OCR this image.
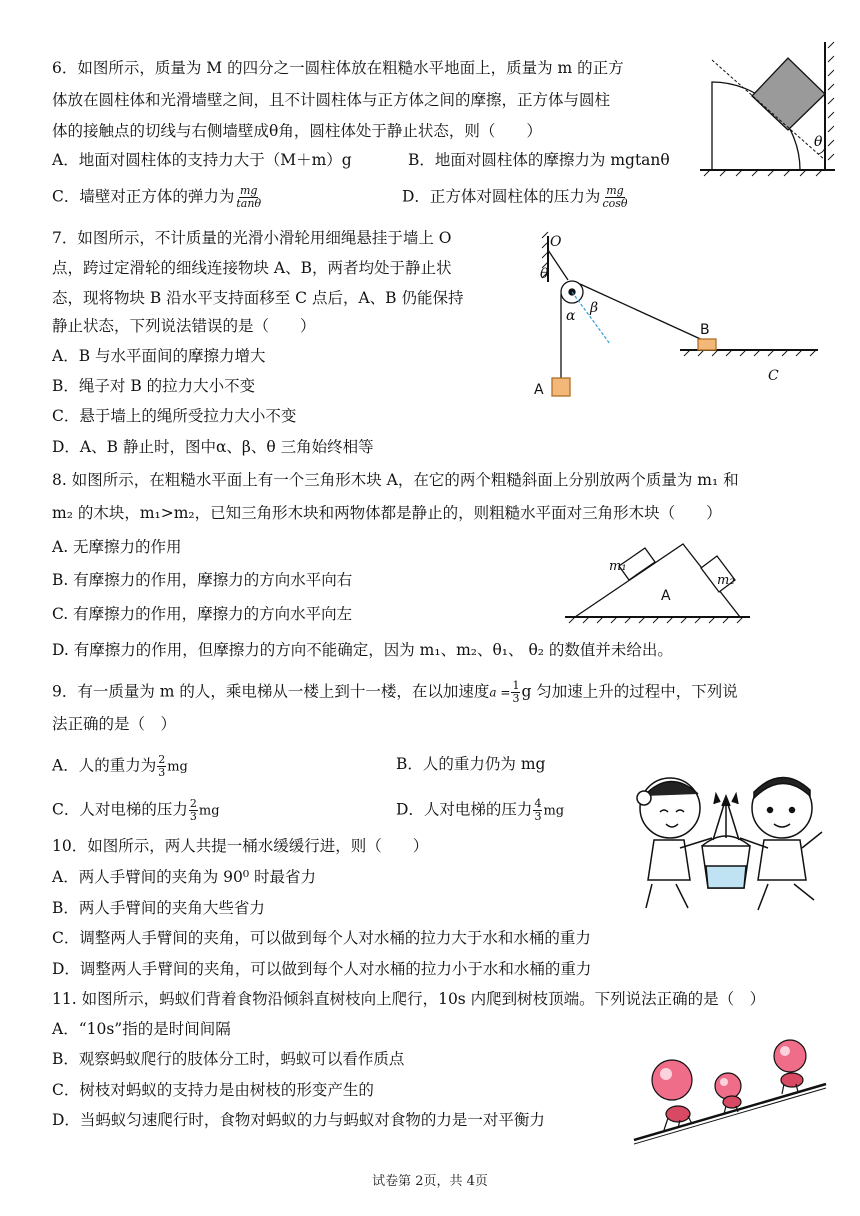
6．如图所示，质量为 M 的四分之一圆柱体放在粗糙水平地面上，质量为 m 的正方
体放在圆柱体和光滑墙壁之间，且不计圆柱体与正方体之间的摩擦，正方体与圆柱
体的接触点的切线与右侧墙壁成θ角，圆柱体处于静止状态，则（　　）
A．地面对圆柱体的支持力大于（M＋m）g	B．地面对圆柱体的摩擦力为 mgtanθ
C．墙壁对正方体的弹力为 $\frac{mg}{\tan\theta}$	D．正方体对圆柱体的压力为 $\frac{mg}{\cos\theta}$
θ
7．如图所示，不计质量的光滑小滑轮用细绳悬挂于墙上 O
点，跨过定滑轮的细线连接物块 A、B，两者均处于静止状
态，现将物块 B 沿水平支持面移至 C 点后，A、B 仍能保持
静止状态，下列说法错误的是（　　）
A．B 与水平面间的摩擦力增大
B．绳子对 B 的拉力大小不变
C．悬于墙上的绳所受拉力大小不变
D．A、B 静止时，图中α、β、θ 三角始终相等
O
θ
α β
C
A
B
8. 如图所示，在粗糙水平面上有一个三角形木块 A，在它的两个粗糙斜面上分别放两个质量为 m₁ 和
m₂ 的木块，m₁>m₂，已知三角形木块和两物体都是静止的，则粗糙水平面对三角形木块（　　）
A. 无摩擦力的作用
B. 有摩擦力的作用，摩擦力的方向水平向右
C. 有摩擦力的作用，摩擦力的方向水平向左
D. 有摩擦力的作用，但摩擦力的方向不能确定，因为 m₁、m₂、θ₁、 θ₂ 的数值并未给出。
m₁
m₂
A
9．有一质量为 m 的人，乘电梯从一楼上到十一楼，在以加速度$a = \frac{1}{3}$ g 匀加速上升的过程中，下列说
法正确的是（　）
A．人的重力为 $\frac{2}{3}$ mg	B．人的重力仍为 mg
C．人对电梯的压力 $\frac{2}{3}$ mg	D．人对电梯的压力 $\frac{4}{3}$ mg
10．如图所示，两人共提一桶水缓缓行进，则（　　）
A．两人手臂间的夹角为 90⁰ 时最省力
B．两人手臂间的夹角大些省力
C．调整两人手臂间的夹角，可以做到每个人对水桶的拉力大于水和水桶的重力
D．调整两人手臂间的夹角，可以做到每个人对水桶的拉力小于水和水桶的重力
11. 如图所示，蚂蚁们背着食物沿倾斜直树枝向上爬行，10s 内爬到树枝顶端。下列说法正确的是（　）
A．“10s”指的是时间间隔
B．观察蚂蚁爬行的肢体分工时，蚂蚁可以看作质点
C．树枝对蚂蚁的支持力是由树枝的形变产生的
D．当蚂蚁匀速爬行时，食物对蚂蚁的力与蚂蚁对食物的力是一对平衡力
试卷第 2页，共 4页
